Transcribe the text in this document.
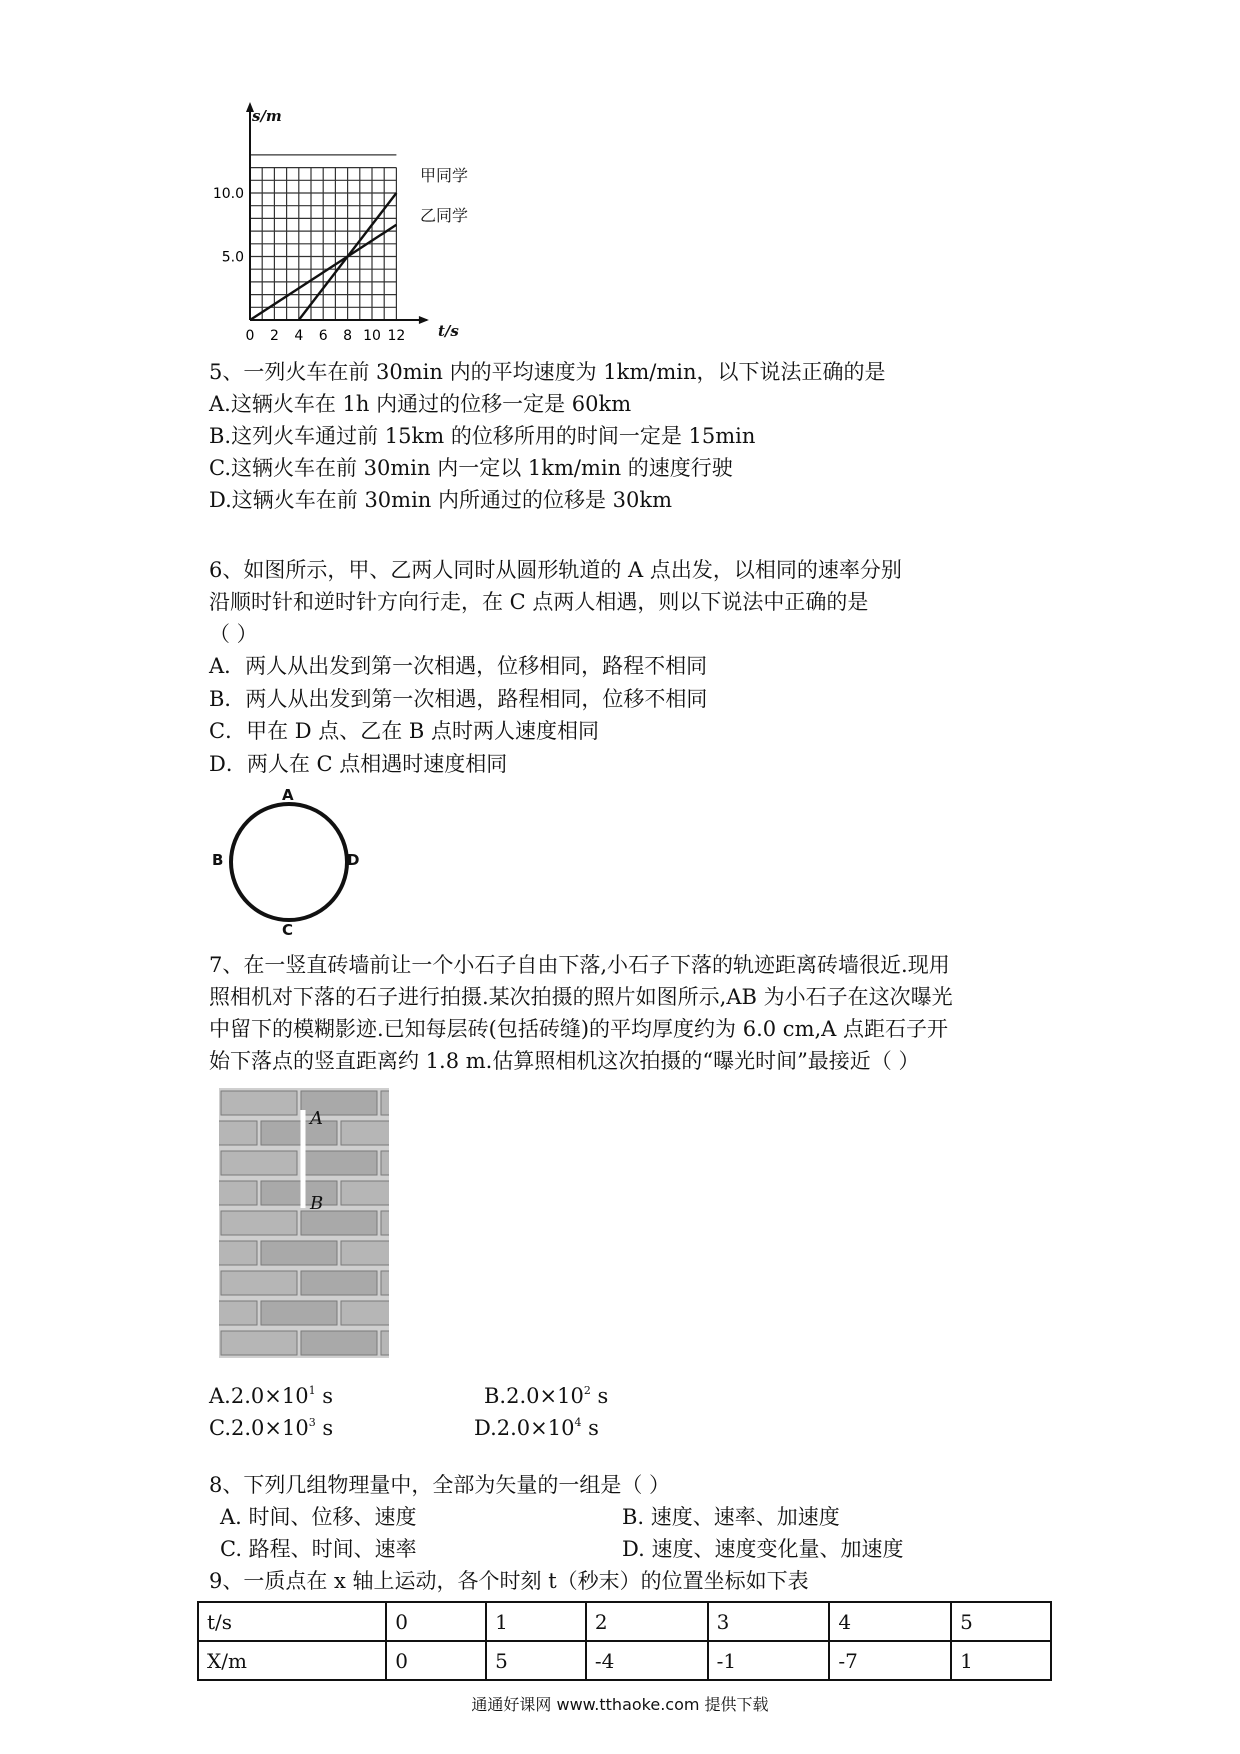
0 2 4 6 8 10 12
10.0
5.0
s/m
t/s
甲同学
乙同学
5、一列火车在前 30min 内的平均速度为 1km/min，以下说法正确的是
A.这辆火车在 1h 内通过的位移一定是 60km
B.这列火车通过前 15km 的位移所用的时间一定是 15min
C.这辆火车在前 30min 内一定以 1km/min 的速度行驶
D.这辆火车在前 30min 内所通过的位移是 30km
6、如图所示，甲、乙两人同时从圆形轨道的 A 点出发，以相同的速率分别
沿顺时针和逆时针方向行走，在 C 点两人相遇，则以下说法中正确的是
（ ）
A．两人从出发到第一次相遇，位移相同，路程不相同
B．两人从出发到第一次相遇，路程相同，位移不相同
C．甲在 D 点、乙在 B 点时两人速度相同
D．两人在 C 点相遇时速度相同
A
B	D
C
7、在一竖直砖墙前让一个小石子自由下落,小石子下落的轨迹距离砖墙很近.现用
照相机对下落的石子进行拍摄.某次拍摄的照片如图所示,AB 为小石子在这次曝光
中留下的模糊影迹.已知每层砖(包括砖缝)的平均厚度约为 6.0 cm,A 点距石子开
始下落点的竖直距离约 1.8 m.估算照相机这次拍摄的“曝光时间”最接近（ ）
A
B
$A.2.0\times 10^1$ s	$B.2.0\times 10^2$ s
$C.2.0\times 10^3$ s	$D.2.0\times 10^4$ s
8、下列几组物理量中，全部为矢量的一组是（ ）
A. 时间、位移、速度	B. 速度、速率、加速度
C. 路程、时间、速率	D. 速度、速度变化量、加速度
9、一质点在 x 轴上运动，各个时刻 t（秒末）的位置坐标如下表
t/s	0	1	2	3	4	5
X/m	0	5	-4	-1	-7	1
通通好课网 www.tthaoke.com 提供下载
